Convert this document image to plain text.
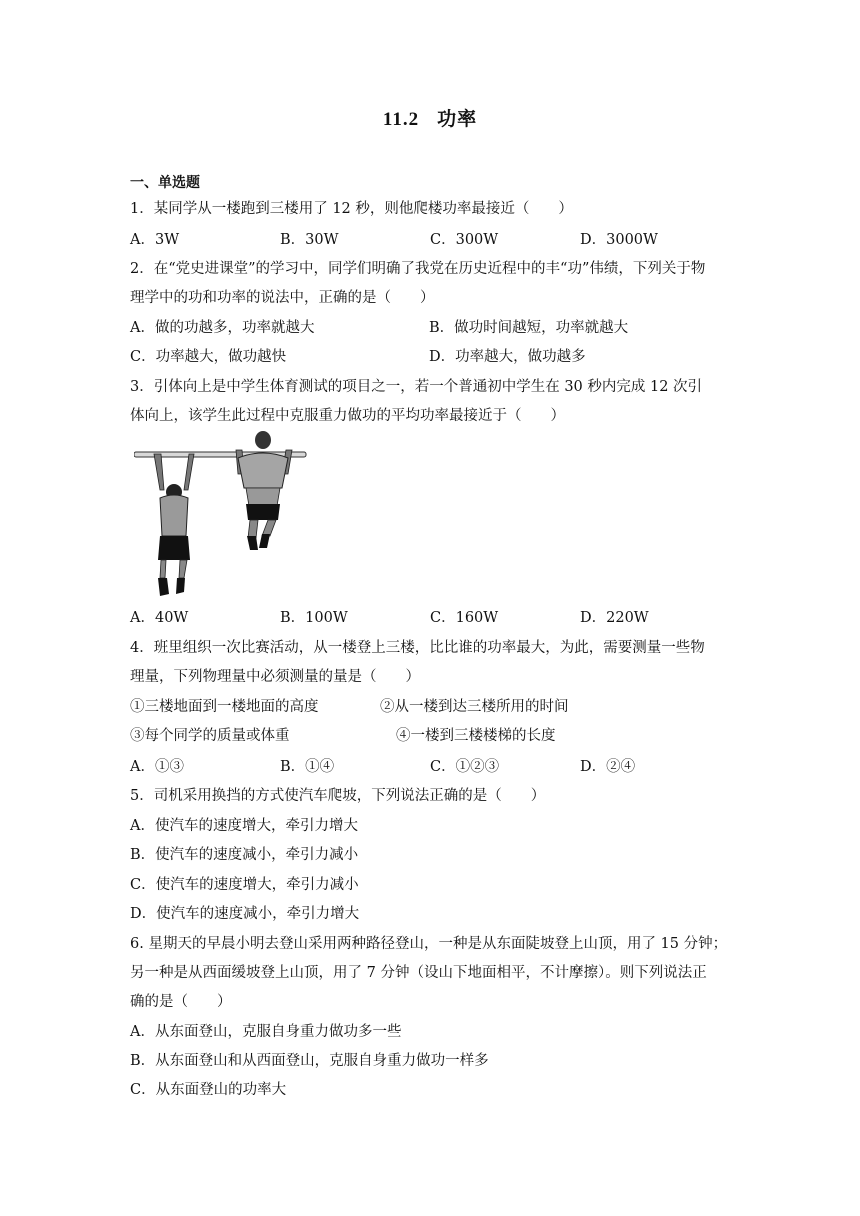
11.2 功率
一、单选题
1．某同学从一楼跑到三楼用了 12 秒，则他爬楼功率最接近（　　）
A．3W	B．30W	C．300W	D．3000W
2．在“党史进课堂”的学习中，同学们明确了我党在历史近程中的丰“功”伟绩，下列关于物
理学中的功和功率的说法中，正确的是（　　）
A．做的功越多，功率就越大	B．做功时间越短，功率就越大
C．功率越大，做功越快	D．功率越大，做功越多
3．引体向上是中学生体育测试的项目之一，若一个普通初中学生在 30 秒内完成 12 次引
体向上，该学生此过程中克服重力做功的平均功率最接近于（　　）
A．40W	B．100W	C．160W	D．220W
4．班里组织一次比赛活动，从一楼登上三楼，比比谁的功率最大，为此，需要测量一些物
理量，下列物理量中必须测量的量是（　　）
①三楼地面到一楼地面的高度	②从一楼到达三楼所用的时间
③每个同学的质量或体重	④一楼到三楼楼梯的长度
A．①③	B．①④	C．①②③	D．②④
5．司机采用换挡的方式使汽车爬坡，下列说法正确的是（　　）
A．使汽车的速度增大，牵引力增大
B．使汽车的速度减小，牵引力减小
C．使汽车的速度增大，牵引力减小
D．使汽车的速度减小，牵引力增大
6. 星期天的早晨小明去登山采用两种路径登山，一种是从东面陡坡登上山顶，用了 15 分钟；
另一种是从西面缓坡登上山顶，用了 7 分钟（设山下地面相平，不计摩擦）。则下列说法正
确的是（　　）
A．从东面登山，克服自身重力做功多一些
B．从东面登山和从西面登山，克服自身重力做功一样多
C．从东面登山的功率大
